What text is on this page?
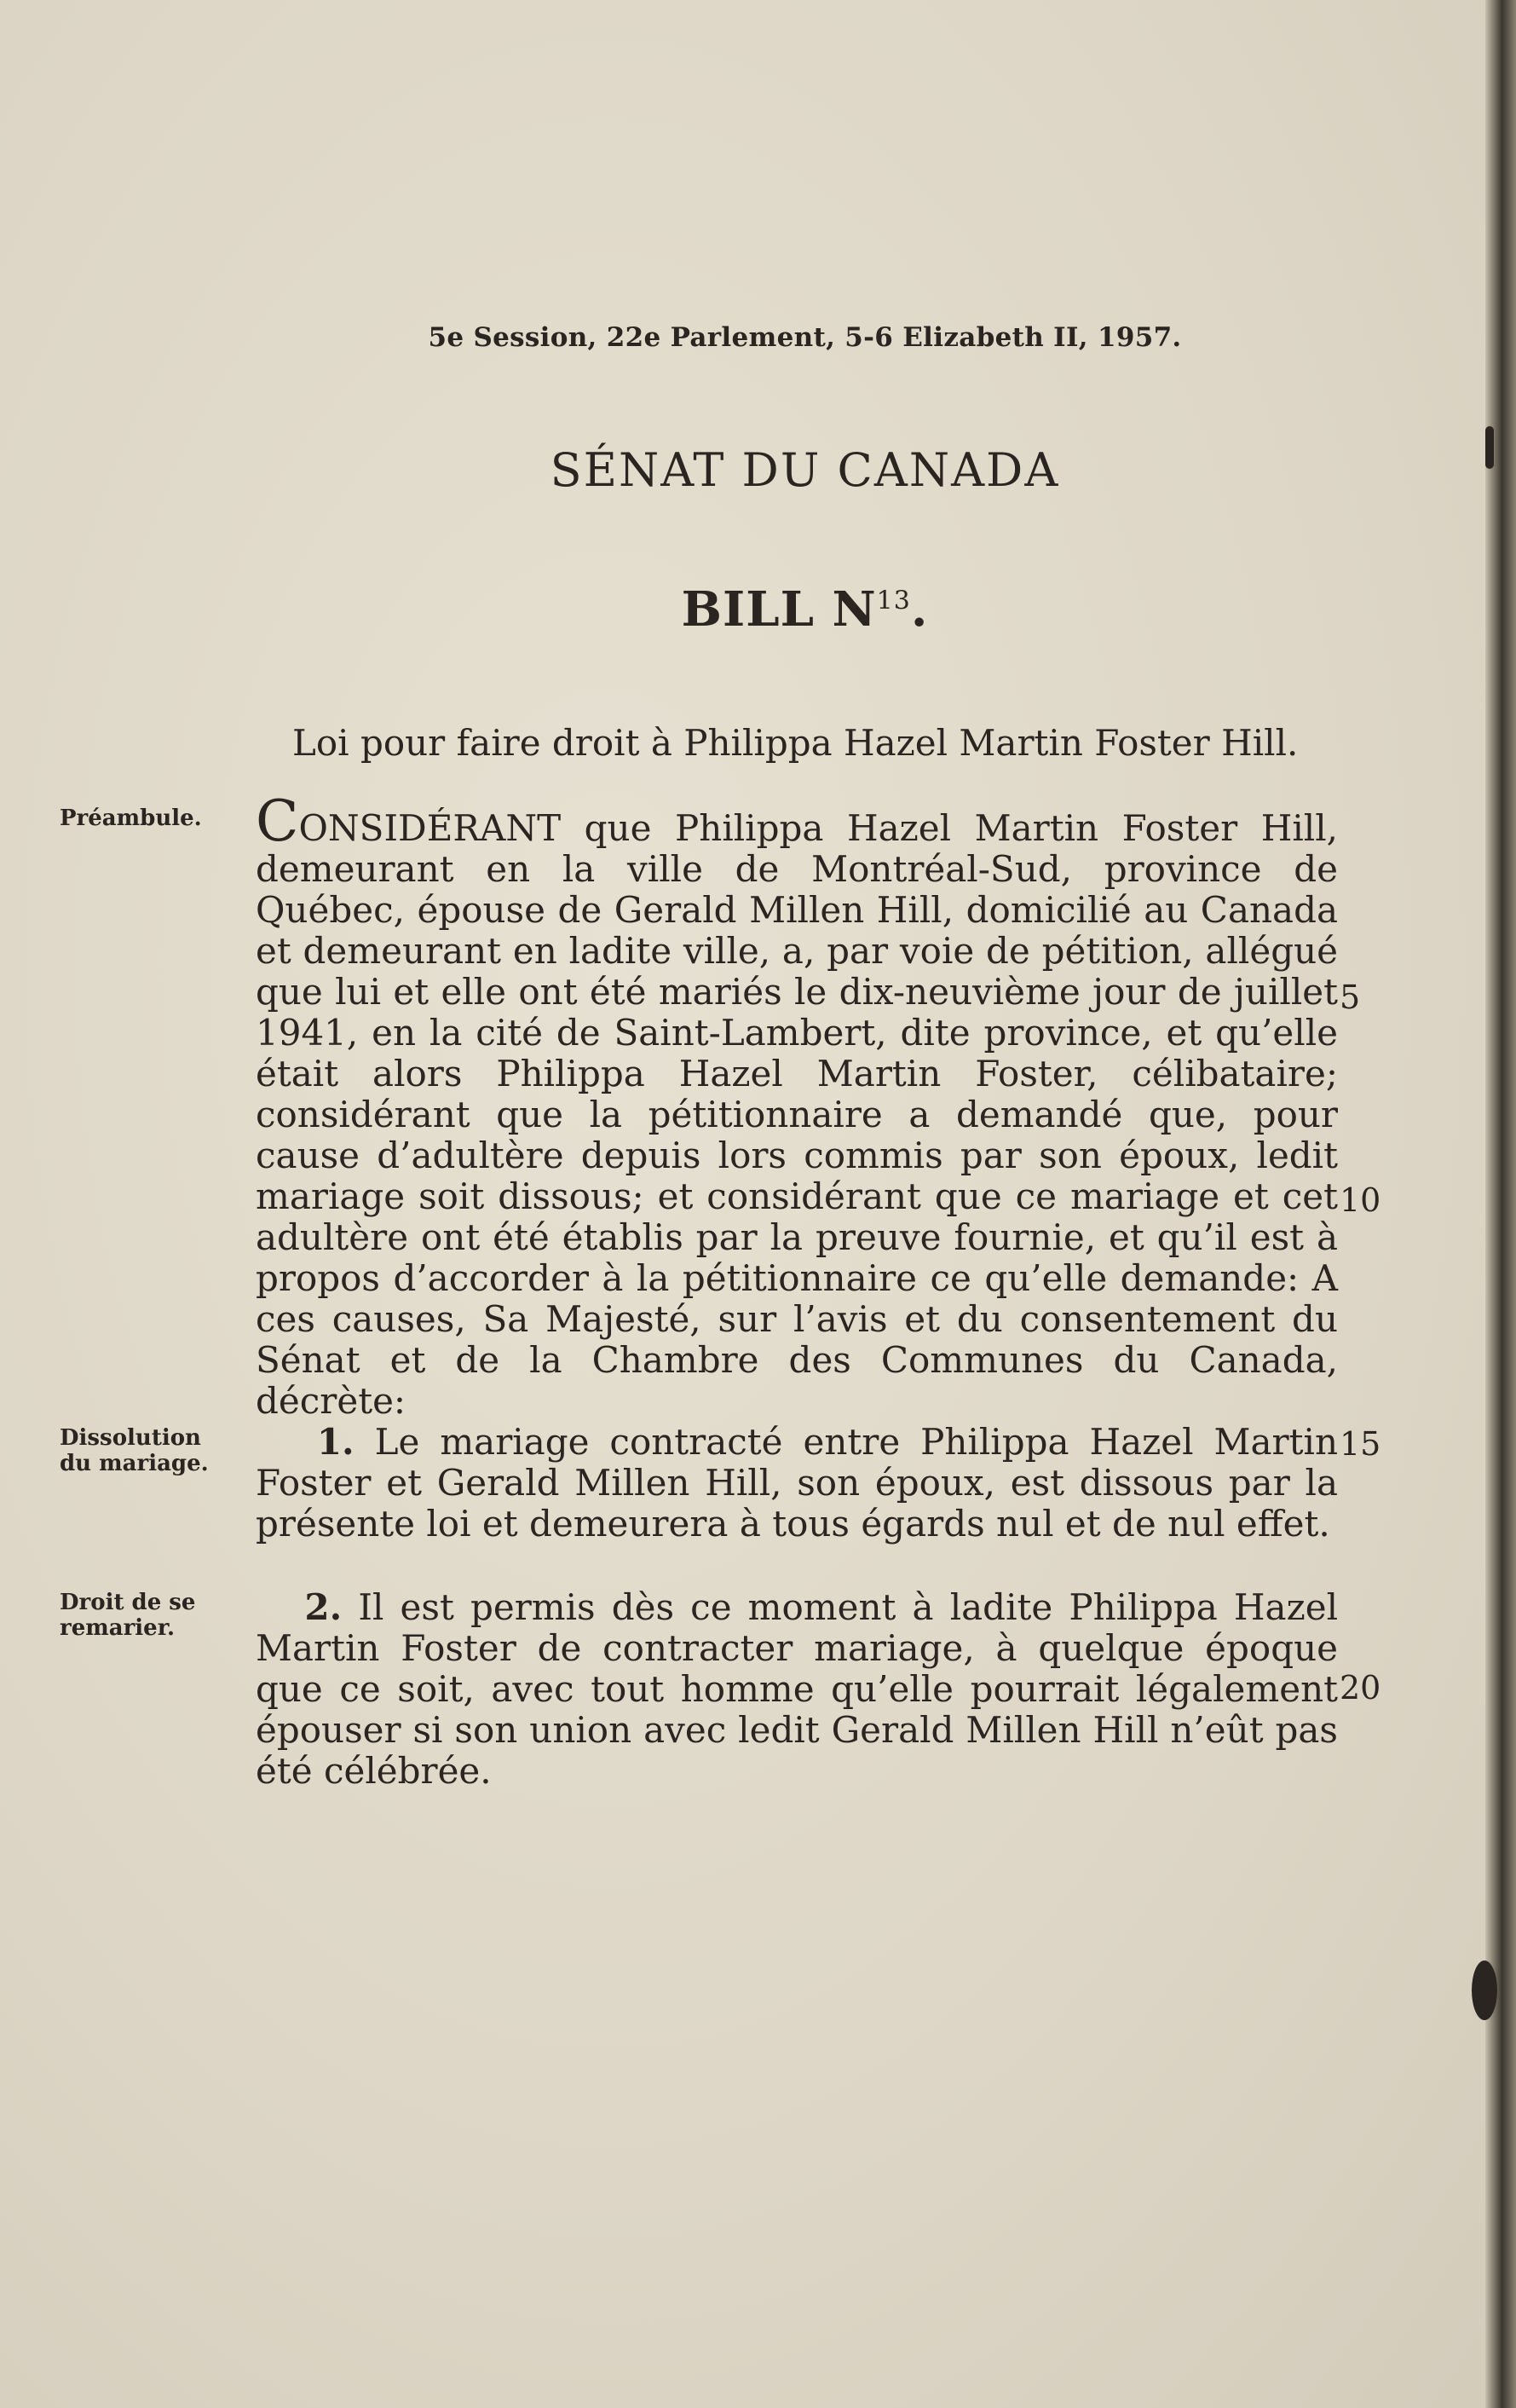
5e Session, 22e Parlement, 5-6 Elizabeth II, 1957.
SÉNAT DU CANADA
BILL $N^{13}$.
Loi pour faire droit à Philippa Hazel Martin Foster Hill.
Préambule. CONSIDÉRANT que Philippa Hazel Martin Foster Hill, demeurant en la ville de Montréal-Sud, province de Québec, épouse de Gerald Millen Hill, domicilié au Canada et demeurant en ladite ville, a, par voie de pétition, allégué que lui et elle ont été mariés le dix-neuvième jour de juillet 1941, en la cité de Saint-Lambert, dite province, et qu’elle était alors Philippa Hazel Martin Foster, célibataire; considérant que la pétitionnaire a demandé que, pour cause d’adultère depuis lors commis par son époux, ledit mariage soit dissous; et considérant que ce mariage et cet adultère ont été établis par la preuve fournie, et qu’il est à propos d’accorder à la pétitionnaire ce qu’elle demande: A ces causes, Sa Majesté, sur l’avis et du consentement du Sénat et de la Chambre des Communes du Canada, décrète:

Dissolution du mariage.

1. Le mariage contracté entre Philippa Hazel Martin Foster et Gerald Millen Hill, son époux, est dissous par la présente loi et demeurera à tous égards nul et de nul effet.

Droit de se remarier.	2. Il est permis dès ce moment à ladite Philippa Hazel Martin Foster de contracter mariage, à quelque époque que ce soit, avec tout homme qu’elle pourrait légalement épouser si son union avec ledit Gerald Millen Hill n’eût pas été célébrée.

5
10
15
20
